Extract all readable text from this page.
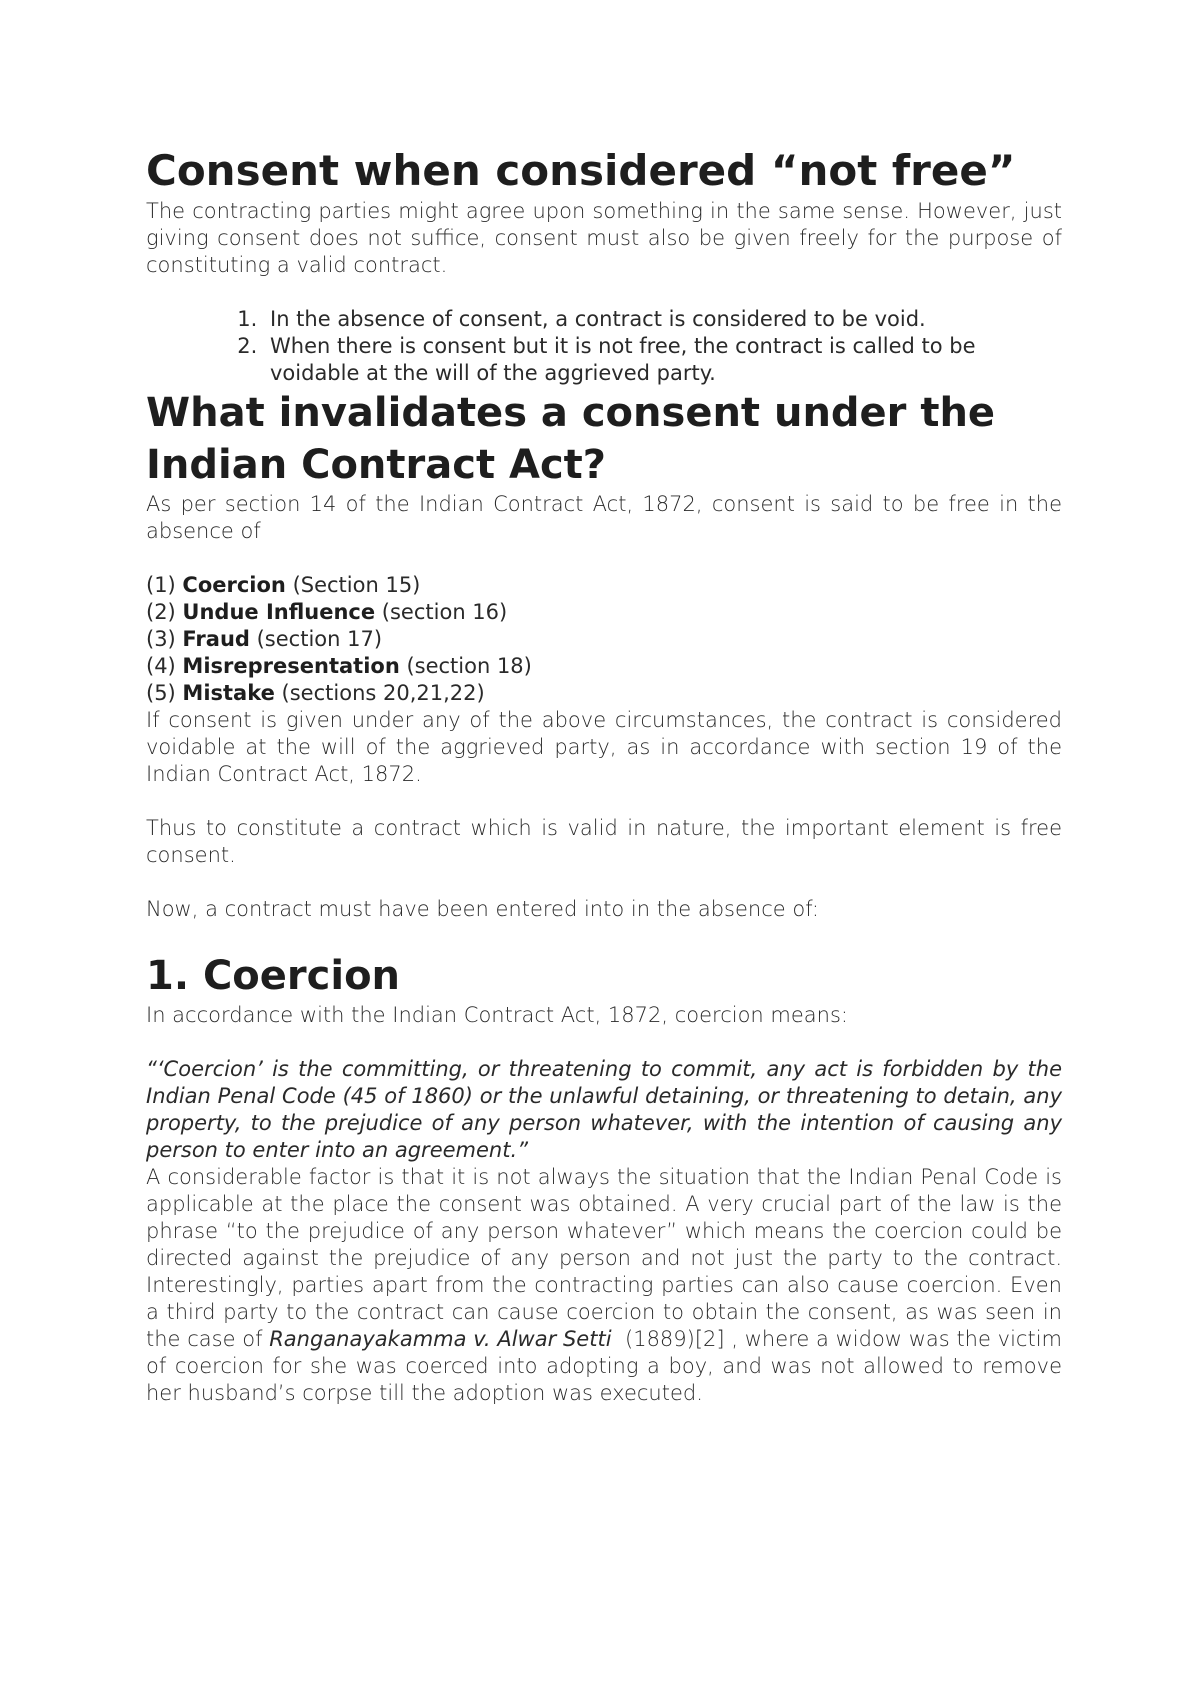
Consent when considered “not free”

The contracting parties might agree upon something in the same sense. However, just giving consent does not suffice, consent must also be given freely for the purpose of constituting a valid contract.

1. In the absence of consent, a contract is considered to be void.
2. When there is consent but it is not free, the contract is called to be voidable at the will of the aggrieved party.
What invalidates a consent under the Indian Contract Act?

As per section 14 of the Indian Contract Act, 1872, consent is said to be free in the absence of

(1) Coercion (Section 15)
(2) Undue Influence (section 16)
(3) Fraud (section 17)
(4) Misrepresentation (section 18)
(5) Mistake (sections 20,21,22)

If consent is given under any of the above circumstances, the contract is considered voidable at the will of the aggrieved party, as in accordance with section 19 of the Indian Contract Act, 1872.

Thus to constitute a contract which is valid in nature, the important element is free consent.

Now, a contract must have been entered into in the absence of:

1. Coercion

In accordance with the Indian Contract Act, 1872, coercion means:

“‘Coercion’ is the committing, or threatening to commit, any act is forbidden by the Indian Penal Code (45 of 1860) or the unlawful detaining, or threatening to detain, any property, to the prejudice of any person whatever, with the intention of causing any person to enter into an agreement.”

A considerable factor is that it is not always the situation that the Indian Penal Code is applicable at the place the consent was obtained. A very crucial part of the law is the phrase “to the prejudice of any person whatever” which means the coercion could be directed against the prejudice of any person and not just the party to the contract. Interestingly, parties apart from the contracting parties can also cause coercion. Even a third party to the contract can cause coercion to obtain the consent, as was seen in the case of Ranganayakamma v. Alwar Setti  (1889)[2] , where a widow was the victim of coercion for she was coerced into adopting a boy, and was not allowed to remove her husband’s corpse till the adoption was executed.
